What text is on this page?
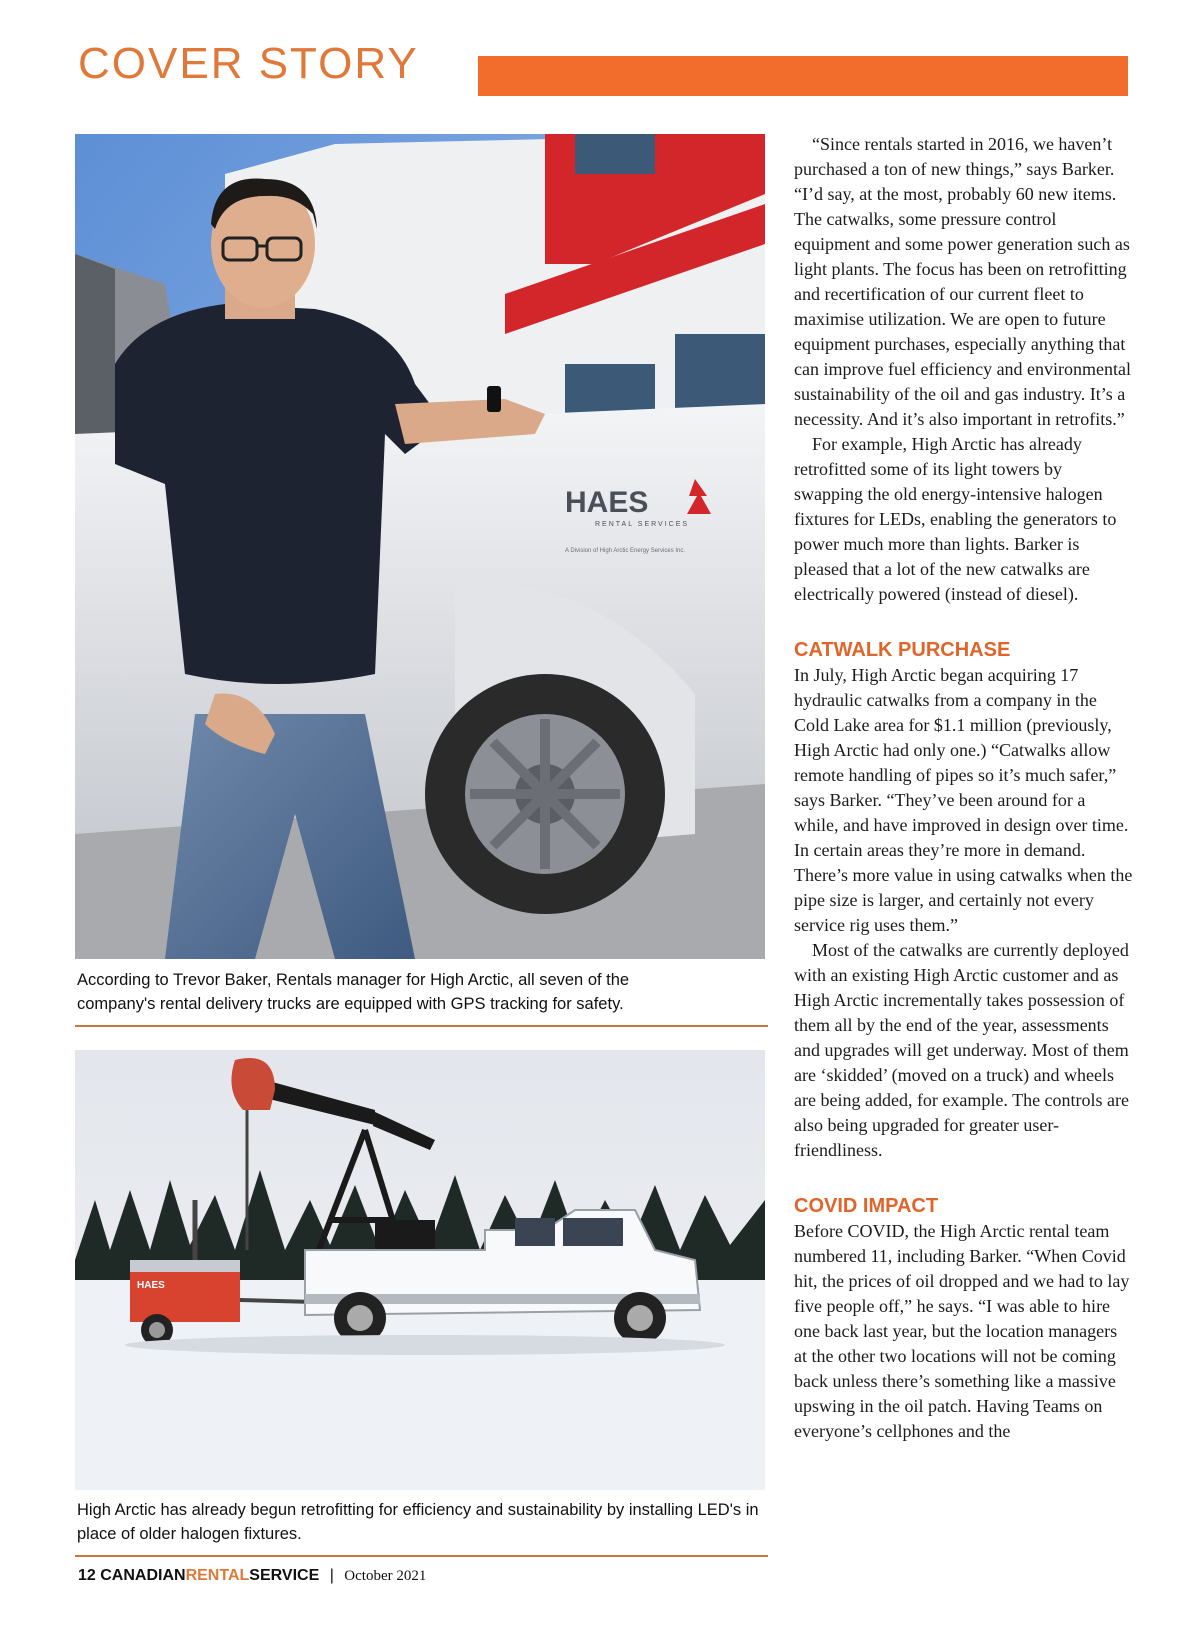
COVER STORY
HAES
RENTAL SERVICES
A Division of High Arctic Energy Services Inc.
According to Trevor Baker, Rentals manager for High Arctic, all seven of the company's rental delivery trucks are equipped with GPS tracking for safety.
HAES
High Arctic has already begun retrofitting for efficiency and sustainability by installing LED's in place of older halogen fixtures.

“Since rentals started in 2016, we haven’t purchased a ton of new things,” says Barker. “I’d say, at the most, probably 60 new items. The catwalks, some pressure control equipment and some power generation such as light plants. The focus has been on retrofitting and recertification of our current fleet to maximise utilization. We are open to future equipment purchases, especially anything that can improve fuel efficiency and environmental sustainability of the oil and gas industry. It’s a necessity. And it’s also important in retrofits.”

For example, High Arctic has already retrofitted some of its light towers by swapping the old energy-intensive halogen fixtures for LEDs, enabling the generators to power much more than lights. Barker is pleased that a lot of the new catwalks are electrically powered (instead of diesel).

CATWALK PURCHASE

In July, High Arctic began acquiring 17 hydraulic catwalks from a company in the Cold Lake area for $1.1 million (previously, High Arctic had only one.) “Catwalks allow remote handling of pipes so it’s much safer,” says Barker. “They’ve been around for a while, and have improved in design over time. In certain areas they’re more in demand. There’s more value in using catwalks when the pipe size is larger, and certainly not every service rig uses them.”

Most of the catwalks are currently deployed with an existing High Arctic customer and as High Arctic incrementally takes possession of them all by the end of the year, assessments and upgrades will get underway. Most of them are ‘skidded’ (moved on a truck) and wheels are being added, for example. The controls are also being upgraded for greater user-friendliness.

COVID IMPACT

Before COVID, the High Arctic rental team numbered 11, including Barker. “When Covid hit, the prices of oil dropped and we had to lay five people off,” he says. “I was able to hire one back last year, but the location managers at the other two locations will not be coming back unless there’s something like a massive upswing in the oil patch. Having Teams on everyone’s cellphones and the

12 CANADIANRENTALSERVICE | October 2021
